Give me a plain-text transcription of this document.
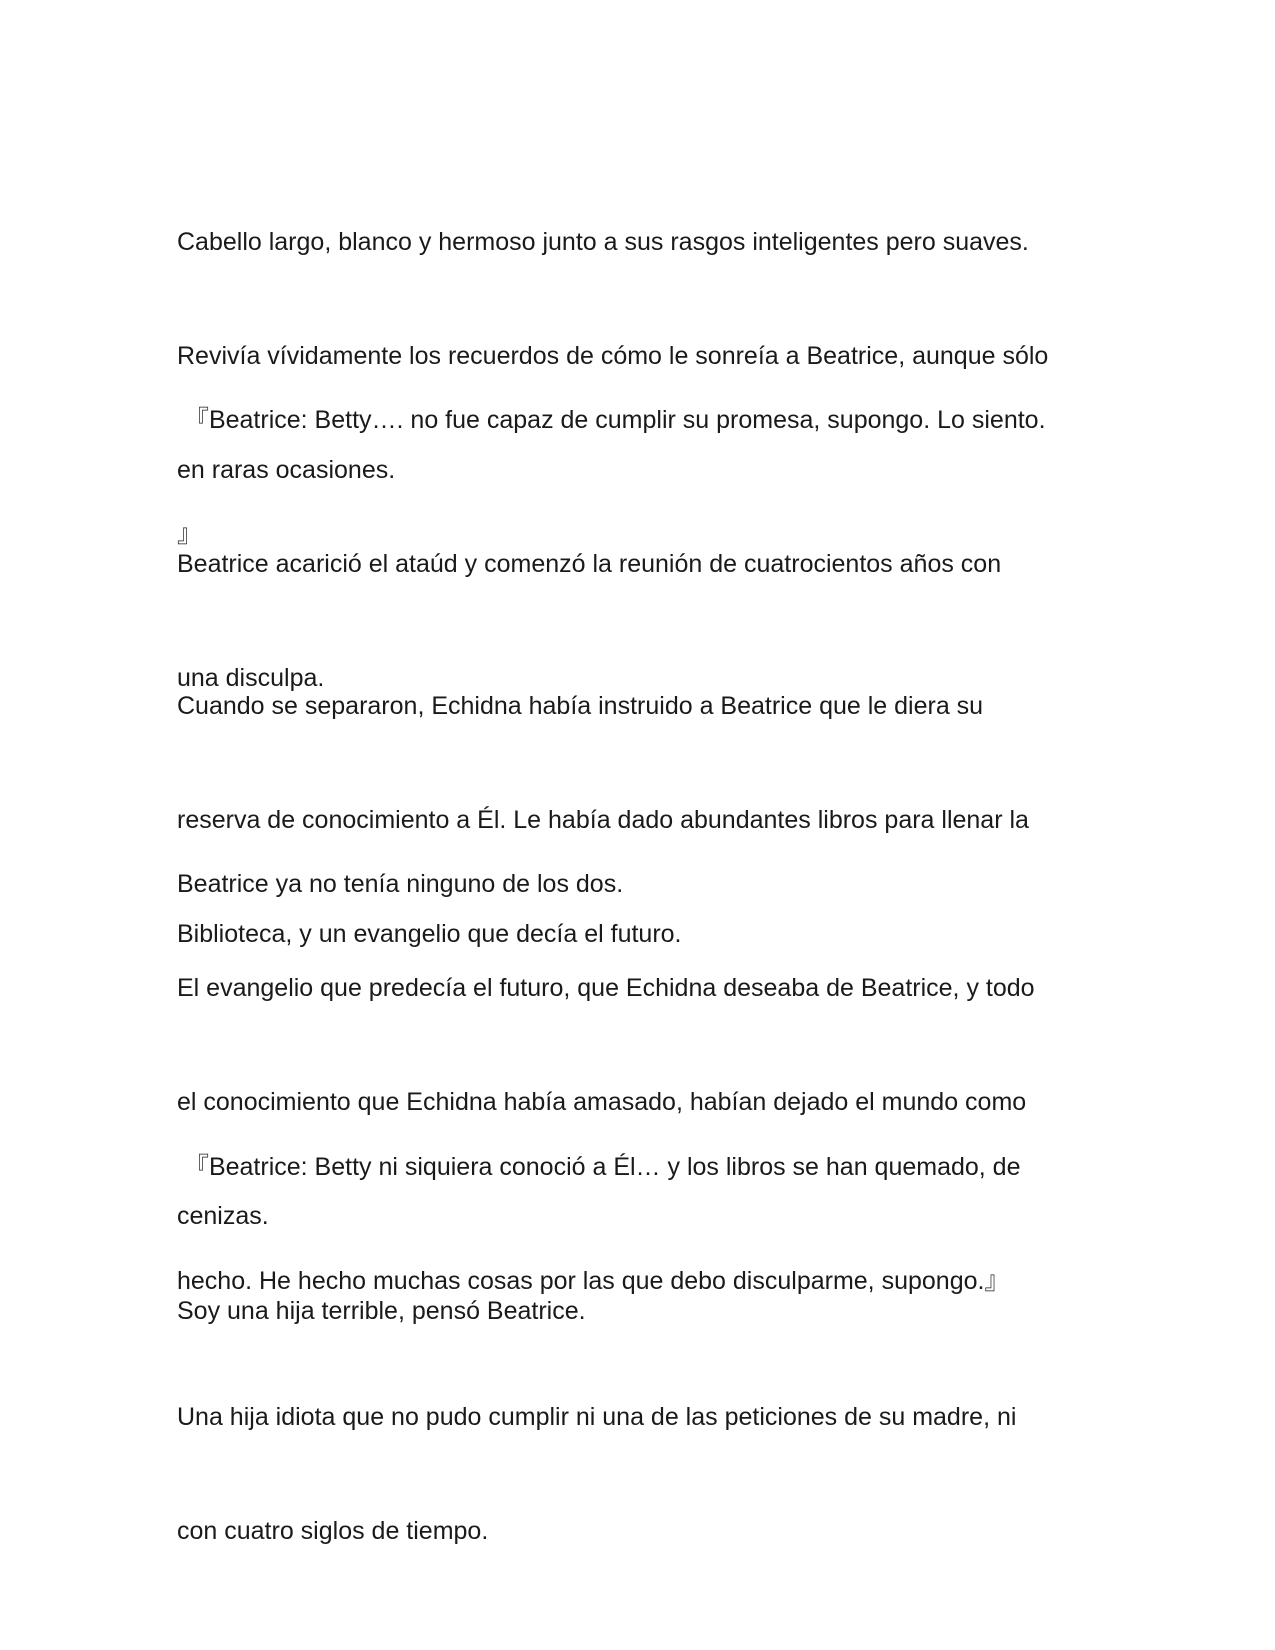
Cabello largo, blanco y hermoso junto a sus rasgos inteligentes pero suaves.

Revivía vívidamente los recuerdos de cómo le sonreía a Beatrice, aunque sólo

en raras ocasiones.

『Beatrice: Betty…. no fue capaz de cumplir su promesa, supongo. Lo siento.

』

Beatrice acarició el ataúd y comenzó la reunión de cuatrocientos años con

una disculpa.

Cuando se separaron, Echidna había instruido a Beatrice que le diera su

reserva de conocimiento a Él. Le había dado abundantes libros para llenar la

Biblioteca, y un evangelio que decía el futuro.

Beatrice ya no tenía ninguno de los dos.

El evangelio que predecía el futuro, que Echidna deseaba de Beatrice, y todo

el conocimiento que Echidna había amasado, habían dejado el mundo como

cenizas.

『Beatrice: Betty ni siquiera conoció a Él… y los libros se han quemado, de

hecho. He hecho muchas cosas por las que debo disculparme, supongo.』

Soy una hija terrible, pensó Beatrice.

Una hija idiota que no pudo cumplir ni una de las peticiones de su madre, ni

con cuatro siglos de tiempo.
